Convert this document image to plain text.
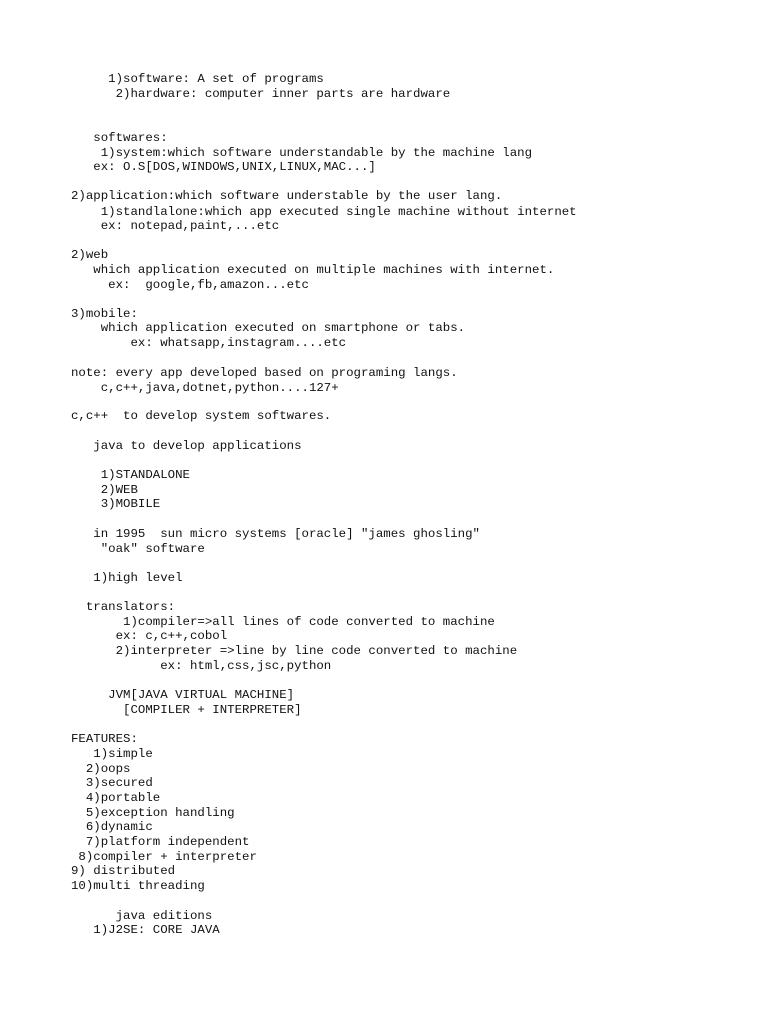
1)software: A set of programs

2)hardware: computer inner parts are hardware

softwares:

1)system:which software understandable by the machine lang

ex: O.S[DOS,WINDOWS,UNIX,LINUX,MAC...]

2)application:which software understable by the user lang.

1)standlalone:which app executed single machine without internet

ex: notepad,paint,...etc

2)web

which application executed on multiple machines with internet.

ex:  google,fb,amazon...etc

3)mobile:

which application executed on smartphone or tabs.

ex: whatsapp,instagram....etc

note: every app developed based on programing langs.

c,c++,java,dotnet,python....127+

c,c++  to develop system softwares.

java to develop applications

1)STANDALONE

2)WEB

3)MOBILE

in 1995  sun micro systems [oracle] "james ghosling"

"oak" software

1)high level

translators:

1)compiler=>all lines of code converted to machine

ex: c,c++,cobol

2)interpreter =>line by line code converted to machine

ex: html,css,jsc,python

JVM[JAVA VIRTUAL MACHINE]

[COMPILER + INTERPRETER]

FEATURES:

1)simple

2)oops

3)secured

4)portable

5)exception handling

6)dynamic

7)platform independent

8)compiler + interpreter

9) distributed

10)multi threading

java editions

1)J2SE: CORE JAVA
